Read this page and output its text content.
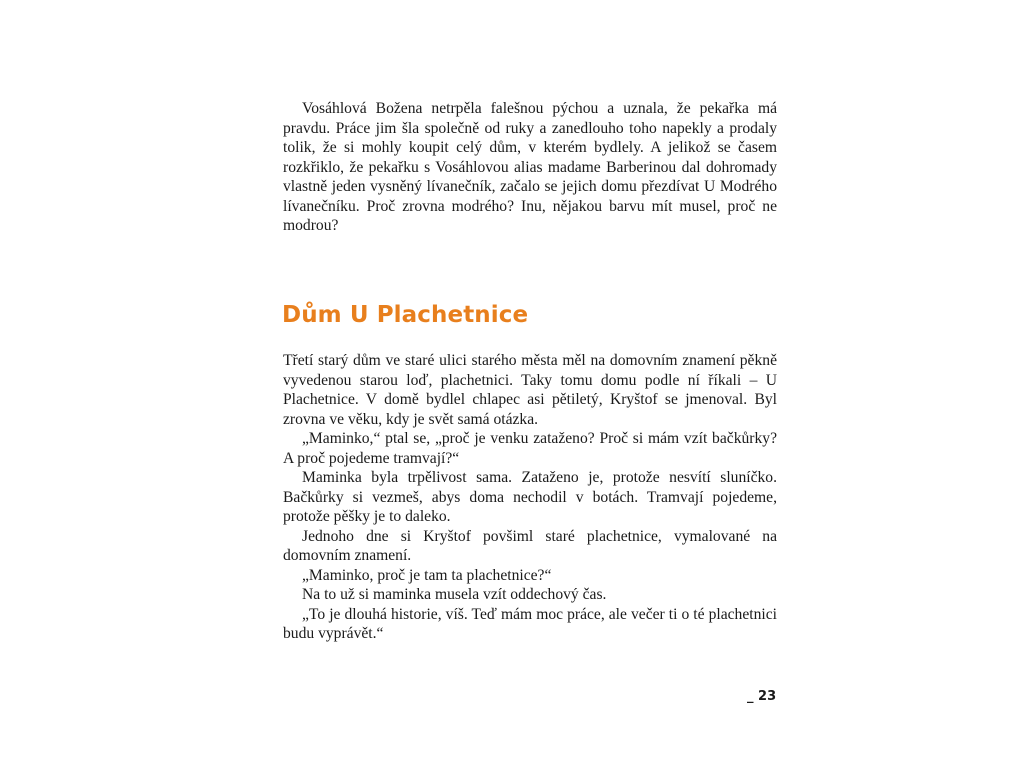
Vosáhlová Božena netrpěla falešnou pýchou a uznala, že pekařka má pravdu. Práce jim šla společně od ruky a zanedlouho toho napekly a prodaly tolik, že si mohly koupit celý dům, v kterém bydlely. A jelikož se časem rozkřiklo, že pekařku s Vosáhlovou alias madame Barberinou dal dohromady vlastně jeden vysněný lívanečník, začalo se jejich domu přezdívat U Modrého lívanečníku. Proč zrovna modrého? Inu, nějakou barvu mít musel, proč ne modrou?

Dům U Plachetnice

Třetí starý dům ve staré ulici starého města měl na domovním znamení pěkně vyvedenou starou loď, plachetnici. Taky tomu domu podle ní říkali – U Plachetnice. V domě bydlel chlapec asi pětiletý, Kryštof se jmenoval. Byl zrovna ve věku, kdy je svět samá otázka.

„Maminko,“ ptal se, „proč je venku zataženo? Proč si mám vzít bačkůrky? A proč pojedeme tramvají?“

Maminka byla trpělivost sama. Zataženo je, protože nesvítí sluníčko. Bačkůrky si vezmeš, abys doma nechodil v botách. Tramvají pojedeme, protože pěšky je to daleko.

Jednoho dne si Kryštof povšiml staré plachetnice, vymalované na domovním znamení.

„Maminko, proč je tam ta plachetnice?“

Na to už si maminka musela vzít oddechový čas.

„To je dlouhá historie, víš. Teď mám moc práce, ale večer ti o té plachetnici budu vyprávět.“

_ 23
